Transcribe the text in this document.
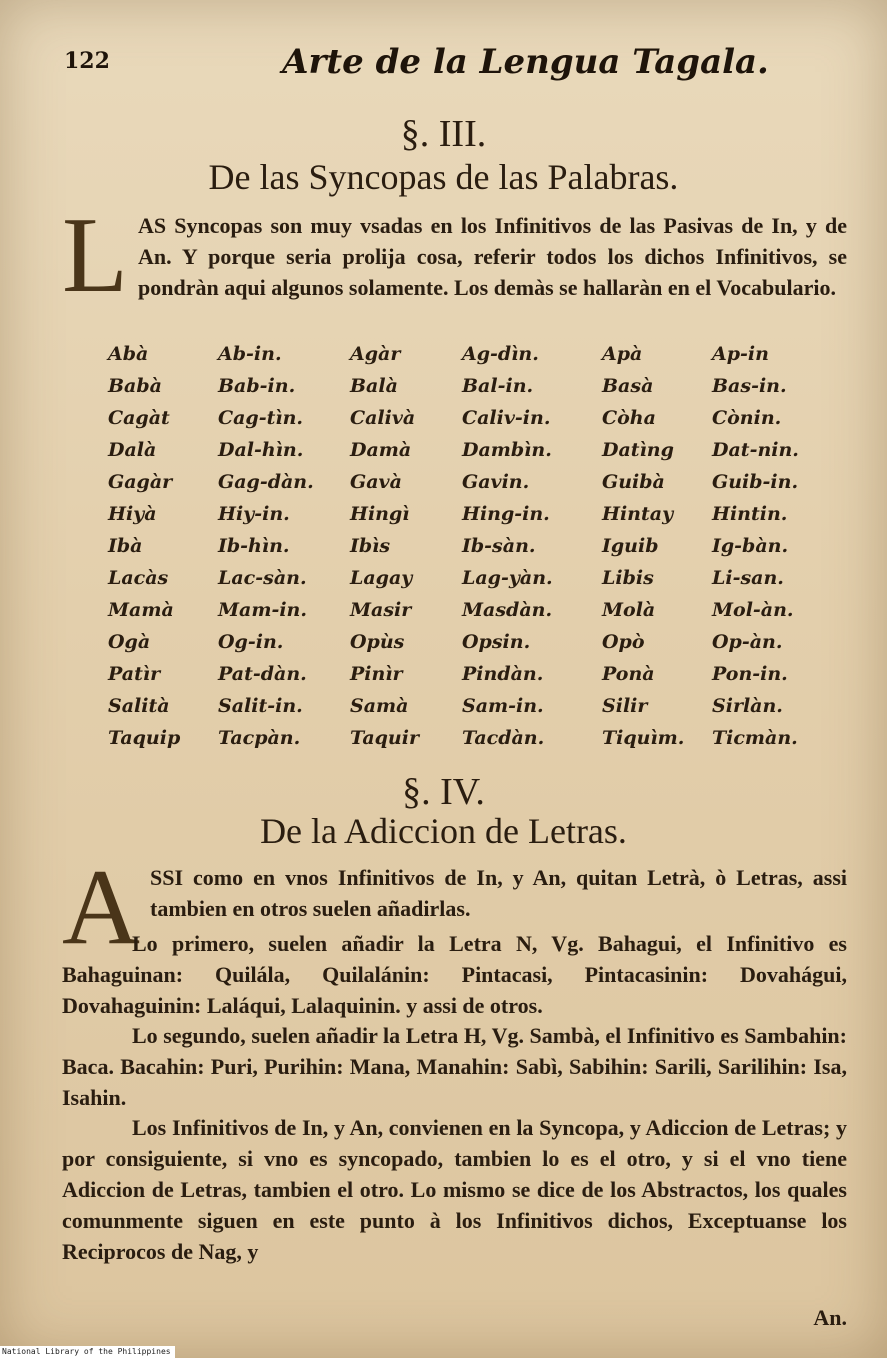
122	Arte de la Lengua Tagala.
§. III.
De las Syncopas de las Palabras.
L AS Syncopas son muy vsadas en los Infinitivos de las Pasivas de In, y de An. Y porque seria prolija cosa, referir todos los dichos Infinitivos, se pondràn aqui algunos solamente. Los demàs se hallaràn en el Vocabulario.
Abà	Ab-in.	Agàr	Ag-dìn.	Apà	Ap-in
Babà	Bab-in.	Balà	Bal-in.	Basà	Bas-in.
Cagàt	Cag-tìn.	Calivà	Caliv-in.	Còha	Cònin.
Dalà	Dal-hìn.	Damà	Dambìn.	Datìng	Dat-nin.
Gagàr	Gag-dàn.	Gavà	Gavin.	Guibà	Guib-in.
Hiyà	Hiy-in.	Hingì	Hing-in.	Hintay	Hintin.
Ibà	Ib-hìn.	Ibìs	Ib-sàn.	Iguib	Ig-bàn.
Lacàs	Lac-sàn.	Lagay	Lag-yàn.	Libis	Li-san.
Mamà	Mam-in.	Masir	Masdàn.	Molà	Mol-àn.
Ogà	Og-in.	Opùs	Opsin.	Opò	Op-àn.
Patìr	Pat-dàn.	Pinìr	Pindàn.	Ponà	Pon-in.
Salità	Salit-in.	Samà	Sam-in.	Silir	Sirlàn.
Taquip	Tacpàn.	Taquir	Tacdàn.	Tiquìm.	Ticmàn.
§. IV.
De la Adiccion de Letras.
A SSI como en vnos Infinitivos de In, y An, quitan Letrà, ò Letras, assi tambien en otros suelen añadirlas.
Lo primero, suelen añadir la Letra N, Vg. Bahagui, el Infinitivo es Bahaguinan: Quilála, Quilalánin: Pintacasi, Pintacasinin: Dovahágui, Dovahaguinin: Laláqui, Lalaquinin. y assi de otros.
Lo segundo, suelen añadir la Letra H, Vg. Sambà, el Infinitivo es Sambahin: Baca. Bacahin: Puri, Purihin: Mana, Manahin: Sabì, Sabihin: Sarili, Sarilihin: Isa, Isahin.
Los Infinitivos de In, y An, convienen en la Syncopa, y Adiccion de Letras; y por consiguiente, si vno es syncopado, tambien lo es el otro, y si el vno tiene Adiccion de Letras, tambien el otro. Lo mismo se dice de los Abstractos, los quales comunmente siguen en este punto à los Infinitivos dichos, Exceptuanse los Reciprocos de Nag, y
An.
National Library of the Philippines
